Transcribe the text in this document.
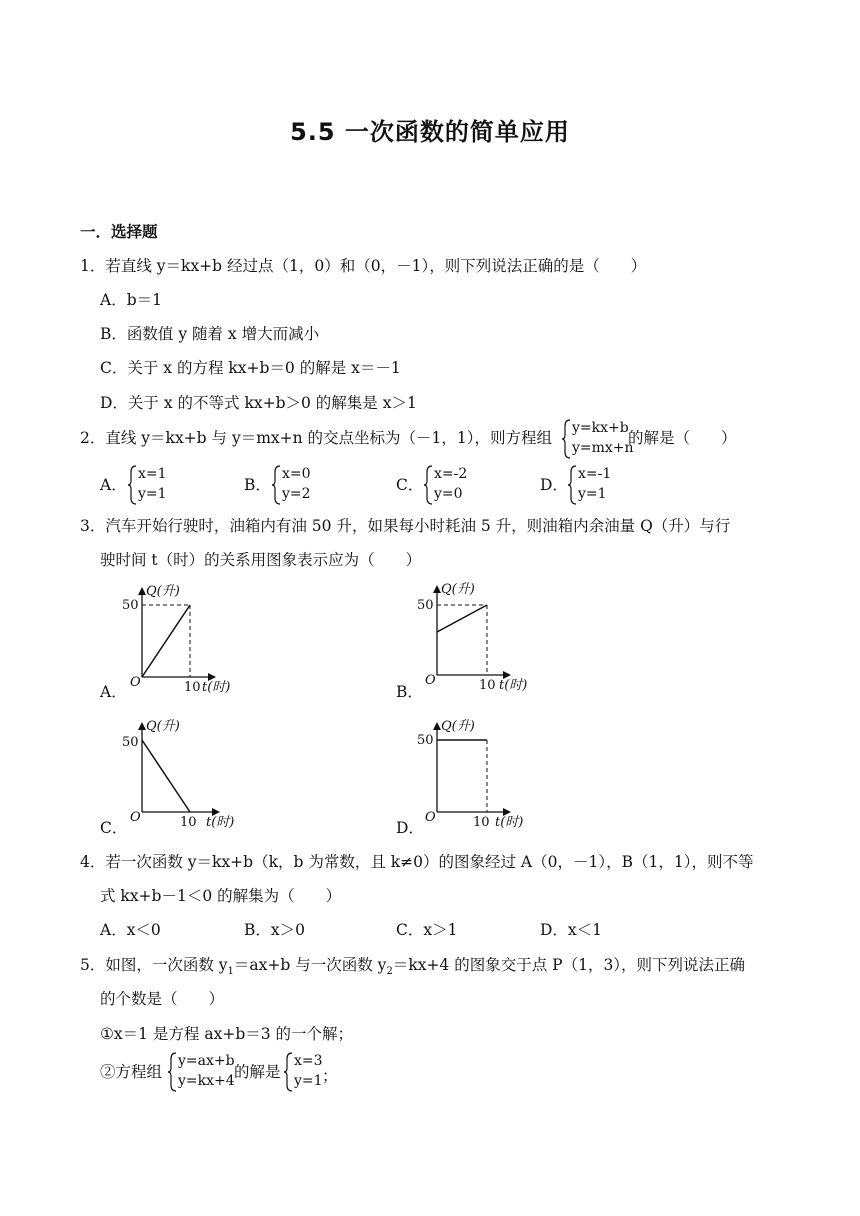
5.5 一次函数的简单应用
一．选择题
1．若直线 y＝kx+b 经过点（1，0）和（0，－1），则下列说法正确的是（　　）
A．b＝1
B．函数值 y 随着 x 增大而减小
C．关于 x 的方程 kx+b＝0 的解是 x＝－1
D．关于 x 的不等式 kx+b＞0 的解集是 x＞1
2．直线 y＝kx+b 与 y＝mx+n 的交点坐标为（－1，1），则方程组
y=kx+b
y=mx+n
的解是（　　）
A．
x=1
y=1	B．
x=0
y=2	C．
x=-2
y=0	D．
x=-1
y=1
3．汽车开始行驶时，油箱内有油 50 升，如果每小时耗油 5 升，则油箱内余油量 Q（升）与行
驶时间 t（时）的关系用图象表示应为（　　）
A．
Q(升)
50
O	10 t(时)	B．
Q(升)
50
O	10 t(时)
C．
Q(升)
50
O	10 t(时)	D．
Q(升)
50
O	10 t(时)
4．若一次函数 y＝kx+b（k，b 为常数，且 k≠0）的图象经过 A（0，－1），B（1，1），则不等
式 kx+b－1＜0 的解集为（　　）
A．x＜0	B．x＞0	C．x＞1	D．x＜1
5．如图，一次函数 $y_1=ax+b$ 与一次函数 $y_2=kx+4$ 的图象交于点 P（1，3），则下列说法正确
的个数是（　　）
①x＝1 是方程 ax+b＝3 的一个解；
②方程组
y=ax+b
y=kx+4 的解是
x=3
y=1 ；
